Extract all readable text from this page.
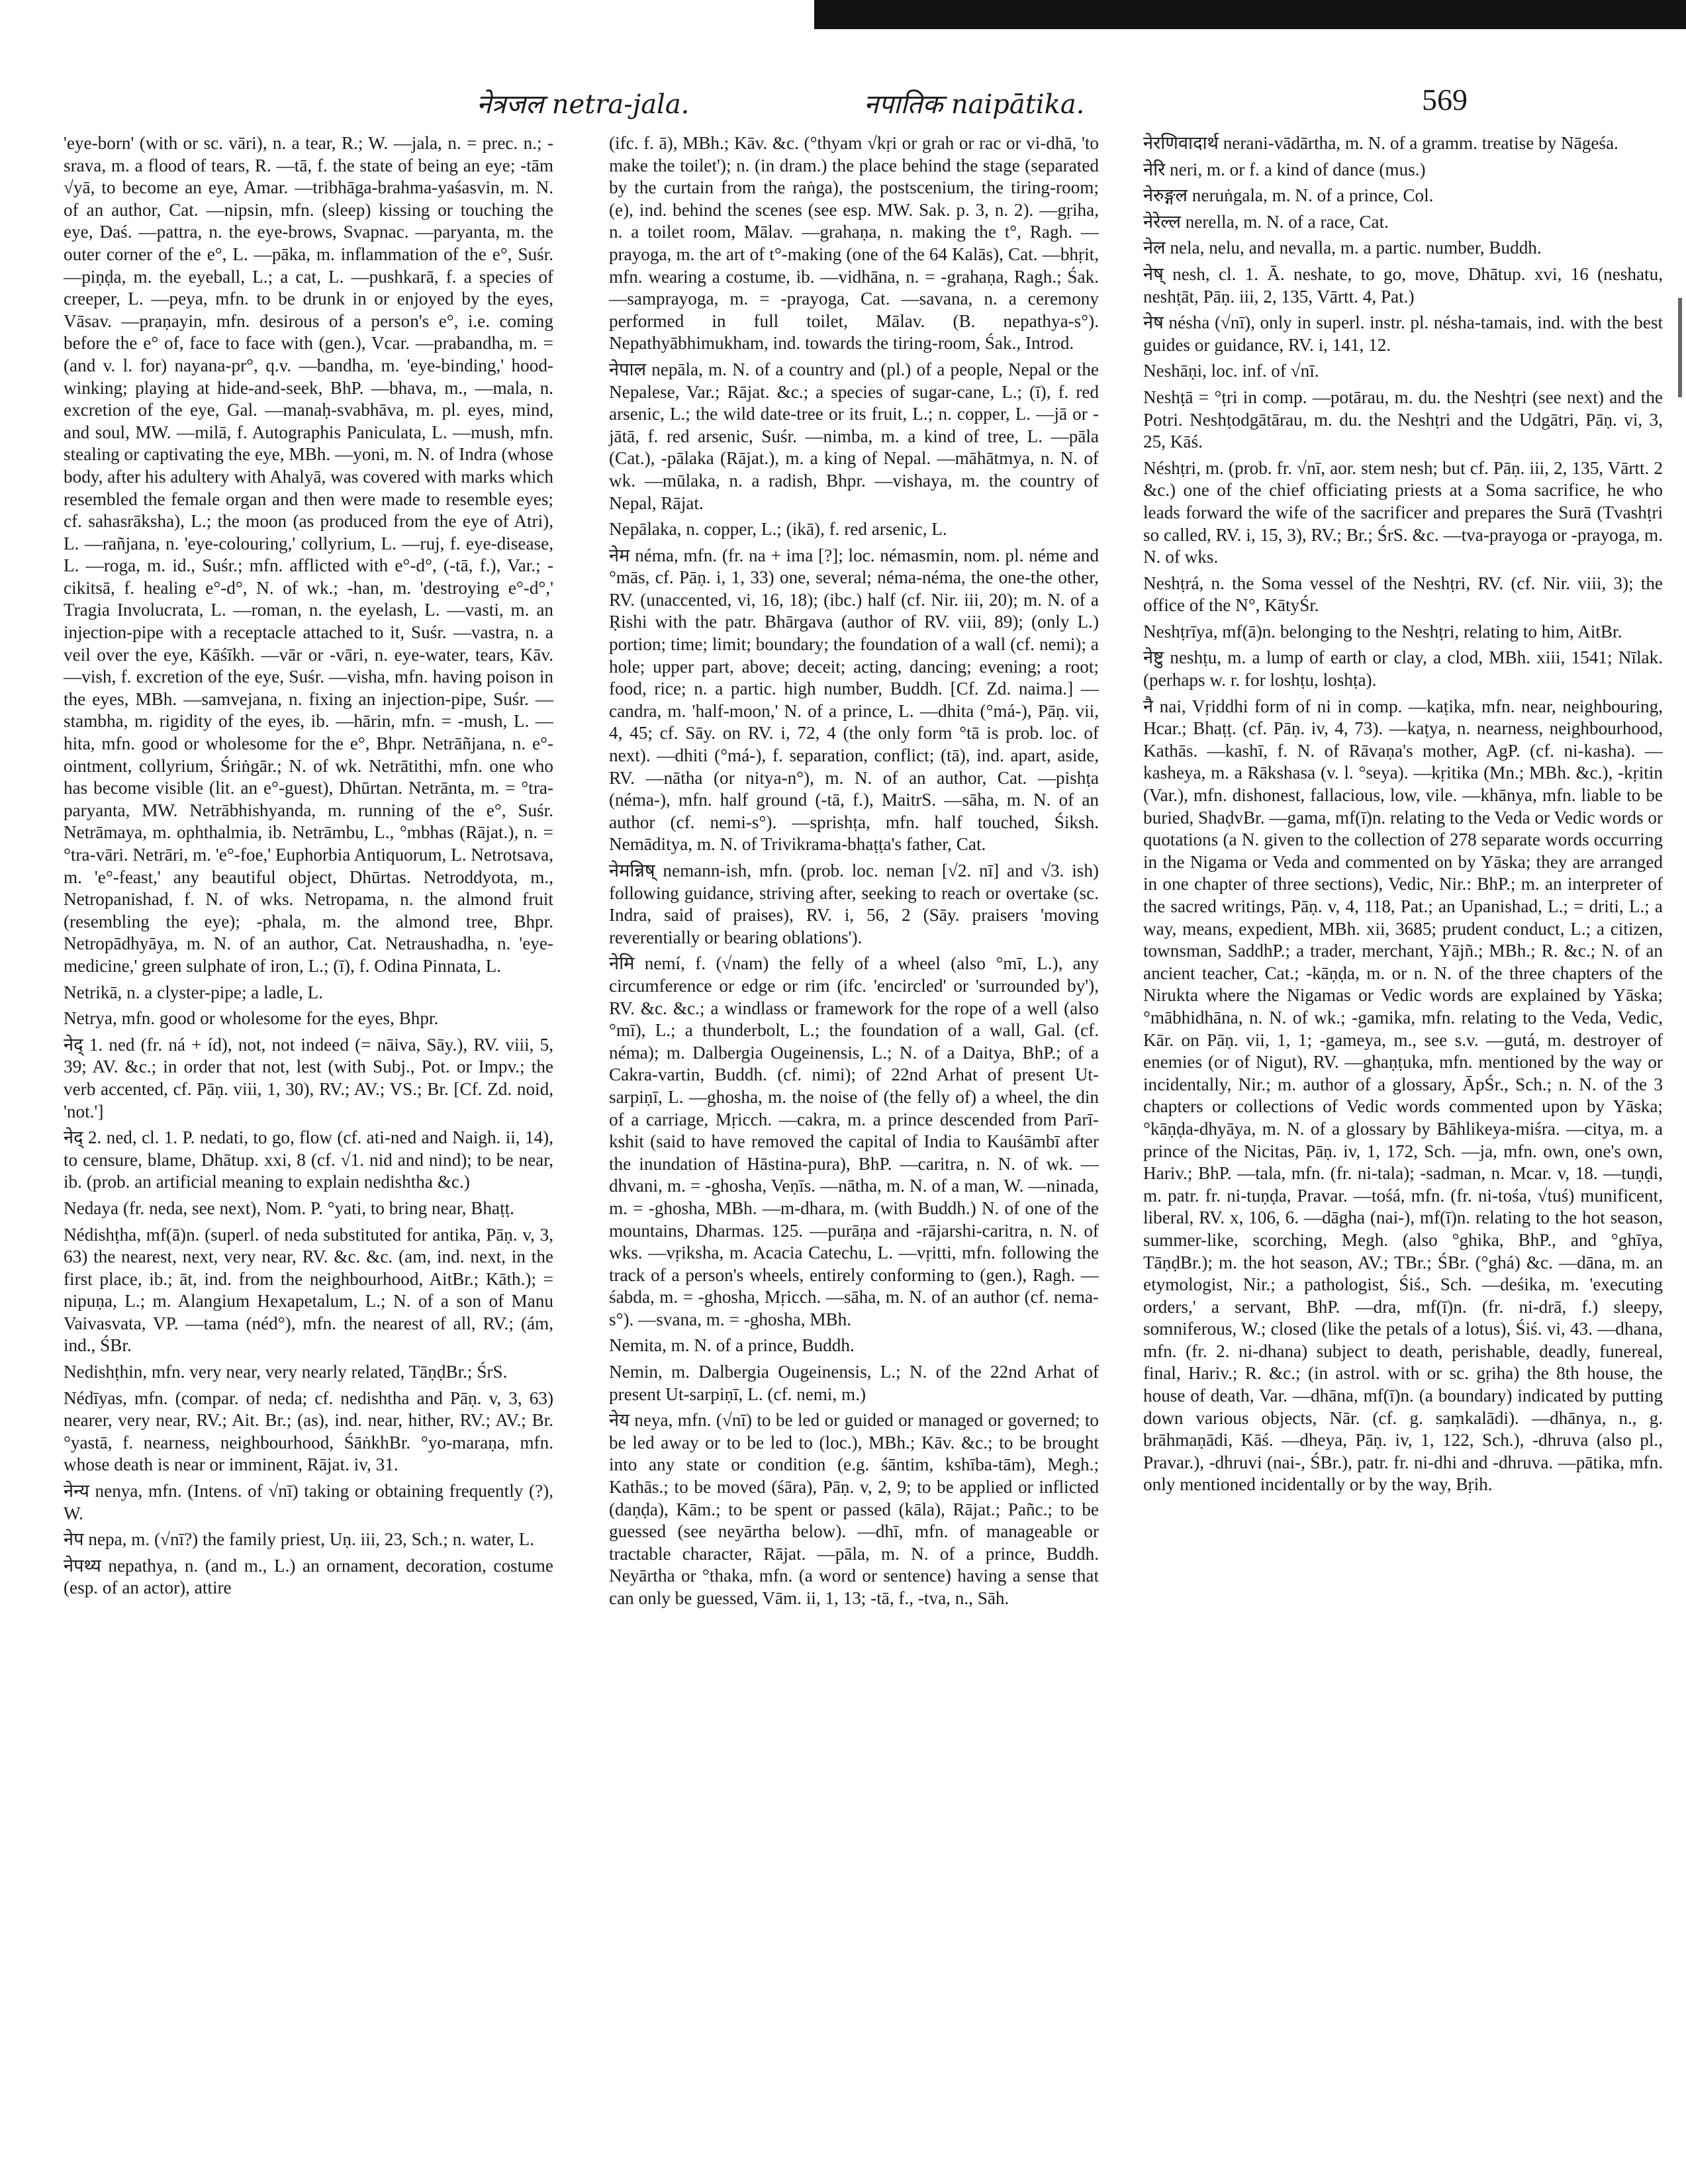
नेत्रजल netra-jala.	नपातिक naipātika.	569

'eye-born' (with or sc. vāri), n. a tear, R.; W. —jala, n. = prec. n.; -srava, m. a flood of tears, R. —tā, f. the state of being an eye; -tām √yā, to become an eye, Amar. —tribhāga-brahma-yaśasvin, m. N. of an author, Cat. —nipsin, mfn. (sleep) kissing or touching the eye, Daś. —pattra, n. the eye-brows, Svapnac. —paryanta, m. the outer corner of the e°, L. —pāka, m. inflammation of the e°, Suśr. —piṇḍa, m. the eyeball, L.; a cat, L. —pushkarā, f. a species of creeper, L. —peya, mfn. to be drunk in or enjoyed by the eyes, Vāsav. —praṇayin, mfn. desirous of a person's e°, i.e. coming before the e° of, face to face with (gen.), Vcar. —prabandha, m. = (and v. l. for) nayana-pr°, q.v. —bandha, m. 'eye-binding,' hood-winking; playing at hide-and-seek, BhP. —bhava, m., —mala, n. excretion of the eye, Gal. —manaḥ-svabhāva, m. pl. eyes, mind, and soul, MW. —milā, f. Autographis Paniculata, L. —mush, mfn. stealing or captivating the eye, MBh. —yoni, m. N. of Indra (whose body, after his adultery with Ahalyā, was covered with marks which resembled the female organ and then were made to resemble eyes; cf. sahasrāksha), L.; the moon (as produced from the eye of Atri), L. —rañjana, n. 'eye-colouring,' collyrium, L. —ruj, f. eye-disease, L. —roga, m. id., Suśr.; mfn. afflicted with e°-d°, (-tā, f.), Var.; -cikitsā, f. healing e°-d°, N. of wk.; -han, m. 'destroying e°-d°,' Tragia Involucrata, L. —roman, n. the eyelash, L. —vasti, m. an injection-pipe with a receptacle attached to it, Suśr. —vastra, n. a veil over the eye, Kāśīkh. —vār or -vāri, n. eye-water, tears, Kāv. —vish, f. excretion of the eye, Suśr. —visha, mfn. having poison in the eyes, MBh. —samvejana, n. fixing an injection-pipe, Suśr. —stambha, m. rigidity of the eyes, ib. —hārin, mfn. = -mush, L. —hita, mfn. good or wholesome for the e°, Bhpr. Netrāñjana, n. e°-ointment, collyrium, Śriṅgār.; N. of wk. Netrātithi, mfn. one who has become visible (lit. an e°-guest), Dhūrtan. Netrānta, m. = °tra-paryanta, MW. Netrābhishyanda, m. running of the e°, Suśr. Netrāmaya, m. ophthalmia, ib. Netrāmbu, L., °mbhas (Rājat.), n. = °tra-vāri. Netrāri, m. 'e°-foe,' Euphorbia Antiquorum, L. Netrotsava, m. 'e°-feast,' any beautiful object, Dhūrtas. Netroddyota, m., Netropanishad, f. N. of wks. Netropama, n. the almond fruit (resembling the eye); -phala, m. the almond tree, Bhpr. Netropādhyāya, m. N. of an author, Cat. Netraushadha, n. 'eye-medicine,' green sulphate of iron, L.; (ī), f. Odina Pinnata, L.

Netrikā, n. a clyster-pipe; a ladle, L.

Netrya, mfn. good or wholesome for the eyes, Bhpr.

नेद् 1. ned (fr. ná + íd), not, not indeed (= nāiva, Sāy.), RV. viii, 5, 39; AV. &c.; in order that not, lest (with Subj., Pot. or Impv.; the verb accented, cf. Pāṇ. viii, 1, 30), RV.; AV.; VS.; Br. [Cf. Zd. noid, 'not.']

नेद् 2. ned, cl. 1. P. nedati, to go, flow (cf. ati-ned and Naigh. ii, 14), to censure, blame, Dhātup. xxi, 8 (cf. √1. nid and nind); to be near, ib. (prob. an artificial meaning to explain nedishtha &c.)

Nedaya (fr. neda, see next), Nom. P. °yati, to bring near, Bhaṭṭ.

Nédishṭha, mf(ā)n. (superl. of neda substituted for antika, Pāṇ. v, 3, 63) the nearest, next, very near, RV. &c. &c. (am, ind. next, in the first place, ib.; āt, ind. from the neighbourhood, AitBr.; Kāth.); = nipuṇa, L.; m. Alangium Hexapetalum, L.; N. of a son of Manu Vaivasvata, VP. —tama (néd°), mfn. the nearest of all, RV.; (ám, ind., ŚBr.

Nedishṭhin, mfn. very near, very nearly related, TāṇḍBr.; ŚrS.

Nédīyas, mfn. (compar. of neda; cf. nedishtha and Pāṇ. v, 3, 63) nearer, very near, RV.; Ait. Br.; (as), ind. near, hither, RV.; AV.; Br. °yastā, f. nearness, neighbourhood, ŚāṅkhBr. °yo-maraṇa, mfn. whose death is near or imminent, Rājat. iv, 31.

नेन्य nenya, mfn. (Intens. of √nī) taking or obtaining frequently (?), W.

नेप nepa, m. (√nī?) the family priest, Uṇ. iii, 23, Sch.; n. water, L.

नेपथ्य nepathya, n. (and m., L.) an ornament, decoration, costume (esp. of an actor), attire

(ifc. f. ā), MBh.; Kāv. &c. (°thyam √kṛi or grah or rac or vi-dhā, 'to make the toilet'); n. (in dram.) the place behind the stage (separated by the curtain from the raṅga), the postscenium, the tiring-room; (e), ind. behind the scenes (see esp. MW. Sak. p. 3, n. 2). —gṛiha, n. a toilet room, Mālav. —grahaṇa, n. making the t°, Ragh. —prayoga, m. the art of t°-making (one of the 64 Kalās), Cat. —bhṛit, mfn. wearing a costume, ib. —vidhāna, n. = -grahaṇa, Ragh.; Śak. —samprayoga, m. = -prayoga, Cat. —savana, n. a ceremony performed in full toilet, Mālav. (B. nepathya-s°). Nepathyābhimukham, ind. towards the tiring-room, Śak., Introd.

नेपाल nepāla, m. N. of a country and (pl.) of a people, Nepal or the Nepalese, Var.; Rājat. &c.; a species of sugar-cane, L.; (ī), f. red arsenic, L.; the wild date-tree or its fruit, L.; n. copper, L. —jā or -jātā, f. red arsenic, Suśr. —nimba, m. a kind of tree, L. —pāla (Cat.), -pālaka (Rājat.), m. a king of Nepal. —māhātmya, n. N. of wk. —mūlaka, n. a radish, Bhpr. —vishaya, m. the country of Nepal, Rājat.

Nepālaka, n. copper, L.; (ikā), f. red arsenic, L.

नेम néma, mfn. (fr. na + ima [?]; loc. némasmin, nom. pl. néme and °mās, cf. Pāṇ. i, 1, 33) one, several; néma-néma, the one-the other, RV. (unaccented, vi, 16, 18); (ibc.) half (cf. Nir. iii, 20); m. N. of a Ṛishi with the patr. Bhārgava (author of RV. viii, 89); (only L.) portion; time; limit; boundary; the foundation of a wall (cf. nemi); a hole; upper part, above; deceit; acting, dancing; evening; a root; food, rice; n. a partic. high number, Buddh. [Cf. Zd. naima.] —candra, m. 'half-moon,' N. of a prince, L. —dhita (°má-), Pāṇ. vii, 4, 45; cf. Sāy. on RV. i, 72, 4 (the only form °tā is prob. loc. of next). —dhiti (°má-), f. separation, conflict; (tā), ind. apart, aside, RV. —nātha (or nitya-n°), m. N. of an author, Cat. —pishṭa (néma-), mfn. half ground (-tā, f.), MaitrS. —sāha, m. N. of an author (cf. nemi-s°). —sprishṭa, mfn. half touched, Śiksh. Nemāditya, m. N. of Trivikrama-bhaṭṭa's father, Cat.

नेमन्निष् nemann-ish, mfn. (prob. loc. neman [√2. nī] and √3. ish) following guidance, striving after, seeking to reach or overtake (sc. Indra, said of praises), RV. i, 56, 2 (Sāy. praisers 'moving reverentially or bearing oblations').

नेमि nemí, f. (√nam) the felly of a wheel (also °mī, L.), any circumference or edge or rim (ifc. 'encircled' or 'surrounded by'), RV. &c. &c.; a windlass or framework for the rope of a well (also °mī), L.; a thunderbolt, L.; the foundation of a wall, Gal. (cf. néma); m. Dalbergia Ougeinensis, L.; N. of a Daitya, BhP.; of a Cakra-vartin, Buddh. (cf. nimi); of 22nd Arhat of present Ut-sarpiṇī, L. —ghosha, m. the noise of (the felly of) a wheel, the din of a carriage, Mṛicch. —cakra, m. a prince descended from Parī-kshit (said to have removed the capital of India to Kauśāmbī after the inundation of Hāstina-pura), BhP. —caritra, n. N. of wk. —dhvani, m. = -ghosha, Veṇīs. —nātha, m. N. of a man, W. —ninada, m. = -ghosha, MBh. —m-dhara, m. (with Buddh.) N. of one of the mountains, Dharmas. 125. —purāṇa and -rājarshi-caritra, n. N. of wks. —vṛiksha, m. Acacia Catechu, L. —vṛitti, mfn. following the track of a person's wheels, entirely conforming to (gen.), Ragh. —śabda, m. = -ghosha, Mṛicch. —sāha, m. N. of an author (cf. nema-s°). —svana, m. = -ghosha, MBh.

Nemita, m. N. of a prince, Buddh.

Nemin, m. Dalbergia Ougeinensis, L.; N. of the 22nd Arhat of present Ut-sarpiṇī, L. (cf. nemi, m.)

नेय neya, mfn. (√nī) to be led or guided or managed or governed; to be led away or to be led to (loc.), MBh.; Kāv. &c.; to be brought into any state or condition (e.g. śāntim, kshība-tām), Megh.; Kathās.; to be moved (śāra), Pāṇ. v, 2, 9; to be applied or inflicted (daṇḍa), Kām.; to be spent or passed (kāla), Rājat.; Pañc.; to be guessed (see neyārtha below). —dhī, mfn. of manageable or tractable character, Rājat. —pāla, m. N. of a prince, Buddh. Neyārtha or °thaka, mfn. (a word or sentence) having a sense that can only be guessed, Vām. ii, 1, 13; -tā, f., -tva, n., Sāh.

नेरणिवादार्थ nerani-vādārtha, m. N. of a gramm. treatise by Nāgeśa.

नेरि neri, m. or f. a kind of dance (mus.)

नेरुङ्गल neruṅgala, m. N. of a prince, Col.

नेरेल्ल nerella, m. N. of a race, Cat.

नेल nela, nelu, and nevalla, m. a partic. number, Buddh.

नेष् nesh, cl. 1. Ā. neshate, to go, move, Dhātup. xvi, 16 (neshatu, neshṭāt, Pāṇ. iii, 2, 135, Vārtt. 4, Pat.)

नेष nésha (√nī), only in superl. instr. pl. nésha-tamais, ind. with the best guides or guidance, RV. i, 141, 12.

Neshāṇi, loc. inf. of √nī.

Neshṭā = °ṭri in comp. —potārau, m. du. the Neshṭri (see next) and the Potri. Neshṭodgātārau, m. du. the Neshṭri and the Udgātri, Pāṇ. vi, 3, 25, Kāś.

Néshṭri, m. (prob. fr. √nī, aor. stem nesh; but cf. Pāṇ. iii, 2, 135, Vārtt. 2 &c.) one of the chief officiating priests at a Soma sacrifice, he who leads forward the wife of the sacrificer and prepares the Surā (Tvashṭri so called, RV. i, 15, 3), RV.; Br.; ŚrS. &c. —tva-prayoga or -prayoga, m. N. of wks.

Neshṭrá, n. the Soma vessel of the Neshṭri, RV. (cf. Nir. viii, 3); the office of the N°, KātyŚr.

Neshṭrīya, mf(ā)n. belonging to the Neshṭri, relating to him, AitBr.

नेष्टु neshṭu, m. a lump of earth or clay, a clod, MBh. xiii, 1541; Nīlak. (perhaps w. r. for loshṭu, loshṭa).

नै nai, Vṛiddhi form of ni in comp. —kaṭika, mfn. near, neighbouring, Hcar.; Bhaṭṭ. (cf. Pāṇ. iv, 4, 73). —kaṭya, n. nearness, neighbourhood, Kathās. —kashī, f. N. of Rāvaṇa's mother, AgP. (cf. ni-kasha). —kasheya, m. a Rākshasa (v. l. °seya). —kṛitika (Mn.; MBh. &c.), -kṛitin (Var.), mfn. dishonest, fallacious, low, vile. —khānya, mfn. liable to be buried, ShaḍvBr. —gama, mf(ī)n. relating to the Veda or Vedic words or quotations (a N. given to the collection of 278 separate words occurring in the Nigama or Veda and commented on by Yāska; they are arranged in one chapter of three sections), Vedic, Nir.: BhP.; m. an interpreter of the sacred writings, Pāṇ. v, 4, 118, Pat.; an Upanishad, L.; = driti, L.; a way, means, expedient, MBh. xii, 3685; prudent conduct, L.; a citizen, townsman, SaddhP.; a trader, merchant, Yājñ.; MBh.; R. &c.; N. of an ancient teacher, Cat.; -kāṇḍa, m. or n. N. of the three chapters of the Nirukta where the Nigamas or Vedic words are explained by Yāska; °mābhidhāna, n. N. of wk.; -gamika, mfn. relating to the Veda, Vedic, Kār. on Pāṇ. vii, 1, 1; -gameya, m., see s.v. —gutá, m. destroyer of enemies (or of Nigut), RV. —ghaṇṭuka, mfn. mentioned by the way or incidentally, Nir.; m. author of a glossary, ĀpŚr., Sch.; n. N. of the 3 chapters or collections of Vedic words commented upon by Yāska; °kāṇḍa-dhyāya, m. N. of a glossary by Bāhlikeya-miśra. —citya, m. a prince of the Nicitas, Pāṇ. iv, 1, 172, Sch. —ja, mfn. own, one's own, Hariv.; BhP. —tala, mfn. (fr. ni-tala); -sadman, n. Mcar. v, 18. —tuṇḍi, m. patr. fr. ni-tuṇḍa, Pravar. —tośá, mfn. (fr. ni-tośa, √tuś) munificent, liberal, RV. x, 106, 6. —dāgha (nai-), mf(ī)n. relating to the hot season, summer-like, scorching, Megh. (also °ghika, BhP., and °ghīya, TāṇḍBr.); m. the hot season, AV.; TBr.; ŚBr. (°ghá) &c. —dāna, m. an etymologist, Nir.; a pathologist, Śiś., Sch. —deśika, m. 'executing orders,' a servant, BhP. —dra, mf(ī)n. (fr. ni-drā, f.) sleepy, somniferous, W.; closed (like the petals of a lotus), Śiś. vi, 43. —dhana, mfn. (fr. 2. ni-dhana) subject to death, perishable, deadly, funereal, final, Hariv.; R. &c.; (in astrol. with or sc. gṛiha) the 8th house, the house of death, Var. —dhāna, mf(ī)n. (a boundary) indicated by putting down various objects, Nār. (cf. g. saṃkalādi). —dhānya, n., g. brāhmaṇādi, Kāś. —dheya, Pāṇ. iv, 1, 122, Sch.), -dhruva (also pl., Pravar.), -dhruvi (nai-, ŚBr.), patr. fr. ni-dhi and -dhruva. —pātika, mfn. only mentioned incidentally or by the way, Bṛih.
